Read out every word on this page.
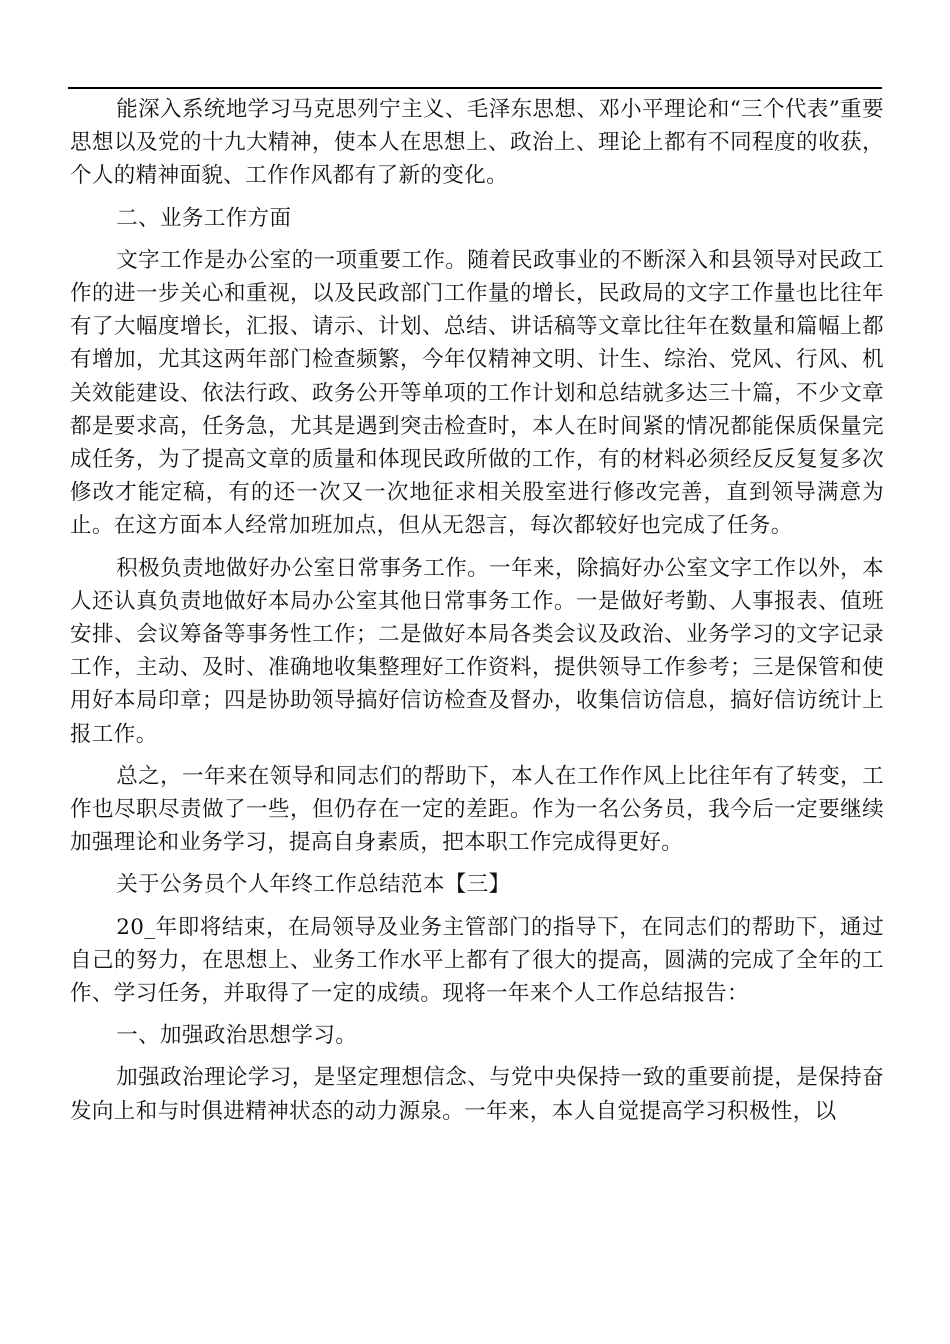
能深入系统地学习马克思列宁主义、毛泽东思想、邓小平理论和“三个代表”重要思想以及党的十九大精神，使本人在思想上、政治上、理论上都有不同程度的收获，个人的精神面貌、工作作风都有了新的变化。

二、业务工作方面

文字工作是办公室的一项重要工作。随着民政事业的不断深入和县领导对民政工作的进一步关心和重视，以及民政部门工作量的增长，民政局的文字工作量也比往年有了大幅度增长，汇报、请示、计划、总结、讲话稿等文章比往年在数量和篇幅上都有增加，尤其这两年部门检查频繁，今年仅精神文明、计生、综治、党风、行风、机关效能建设、依法行政、政务公开等单项的工作计划和总结就多达三十篇，不少文章都是要求高，任务急，尤其是遇到突击检查时，本人在时间紧的情况都能保质保量完成任务，为了提高文章的质量和体现民政所做的工作，有的材料必须经反反复复多次修改才能定稿，有的还一次又一次地征求相关股室进行修改完善，直到领导满意为止。在这方面本人经常加班加点，但从无怨言，每次都较好也完成了任务。

积极负责地做好办公室日常事务工作。一年来，除搞好办公室文字工作以外，本人还认真负责地做好本局办公室其他日常事务工作。一是做好考勤、人事报表、值班安排、会议筹备等事务性工作；二是做好本局各类会议及政治、业务学习的文字记录工作，主动、及时、准确地收集整理好工作资料，提供领导工作参考；三是保管和使用好本局印章；四是协助领导搞好信访检查及督办，收集信访信息，搞好信访统计上报工作。

总之，一年来在领导和同志们的帮助下，本人在工作作风上比往年有了转变，工作也尽职尽责做了一些，但仍存在一定的差距。作为一名公务员，我今后一定要继续加强理论和业务学习，提高自身素质，把本职工作完成得更好。

关于公务员个人年终工作总结范本【三】

20_年即将结束，在局领导及业务主管部门的指导下，在同志们的帮助下，通过自己的努力，在思想上、业务工作水平上都有了很大的提高，圆满的完成了全年的工作、学习任务，并取得了一定的成绩。现将一年来个人工作总结报告：

一、加强政治思想学习。

加强政治理论学习，是坚定理想信念、与党中央保持一致的重要前提，是保持奋发向上和与时俱进精神状态的动力源泉。一年来，本人自觉提高学习积极性，以
